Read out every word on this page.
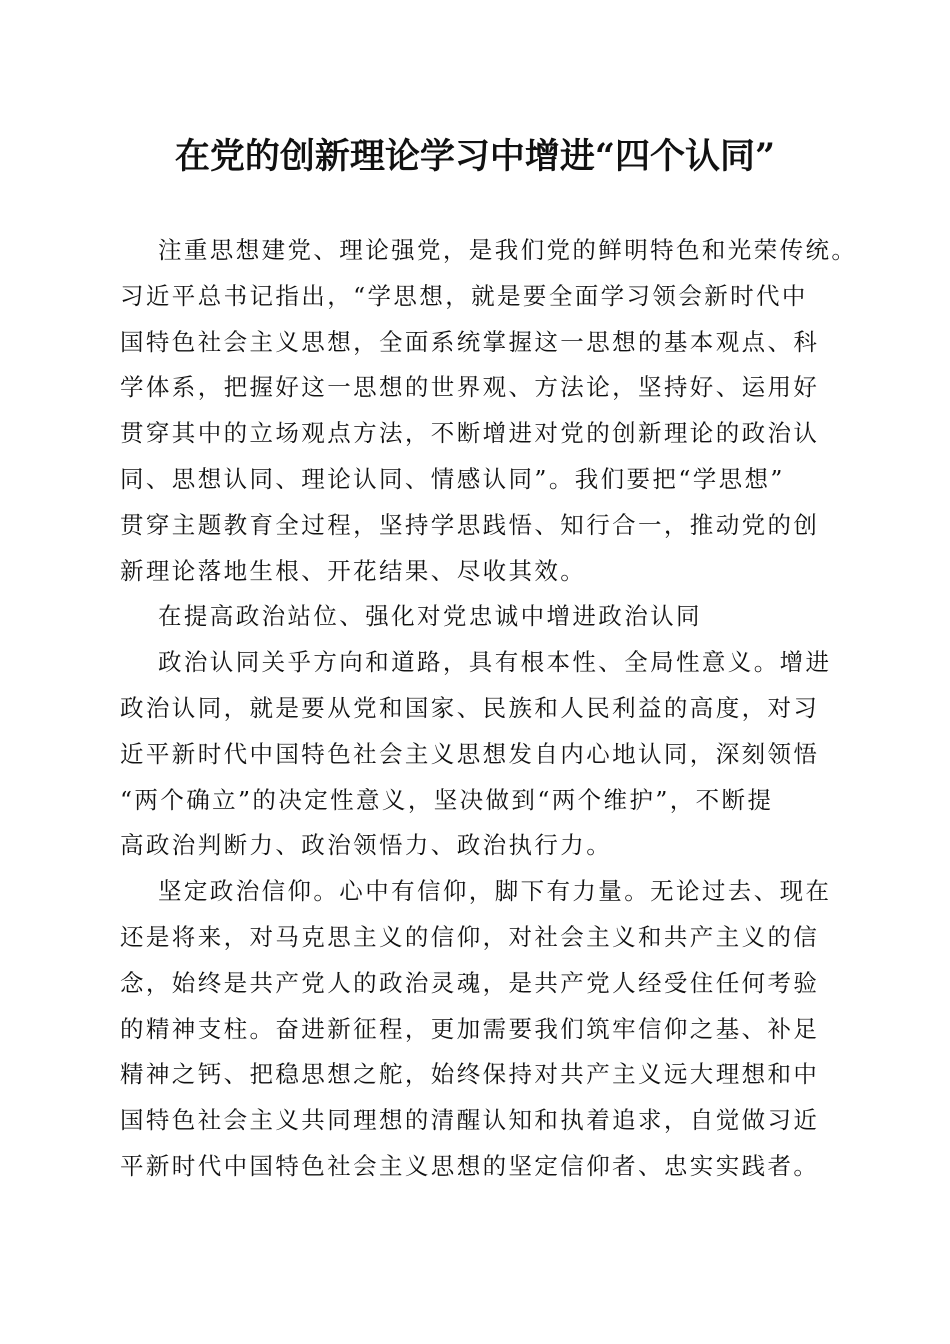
在党的创新理论学习中增进“四个认同”
注重思想建党、理论强党，是我们党的鲜明特色和光荣传统。
习近平总书记指出，“学思想，就是要全面学习领会新时代中
国特色社会主义思想，全面系统掌握这一思想的基本观点、科
学体系，把握好这一思想的世界观、方法论，坚持好、运用好
贯穿其中的立场观点方法，不断增进对党的创新理论的政治认
同、思想认同、理论认同、情感认同”。我们要把“学思想”
贯穿主题教育全过程，坚持学思践悟、知行合一，推动党的创
新理论落地生根、开花结果、尽收其效。
在提高政治站位、强化对党忠诚中增进政治认同
政治认同关乎方向和道路，具有根本性、全局性意义。增进
政治认同，就是要从党和国家、民族和人民利益的高度，对习
近平新时代中国特色社会主义思想发自内心地认同，深刻领悟
“两个确立”的决定性意义，坚决做到“两个维护”，不断提
高政治判断力、政治领悟力、政治执行力。
坚定政治信仰。心中有信仰，脚下有力量。无论过去、现在
还是将来，对马克思主义的信仰，对社会主义和共产主义的信
念，始终是共产党人的政治灵魂，是共产党人经受住任何考验
的精神支柱。奋进新征程，更加需要我们筑牢信仰之基、补足
精神之钙、把稳思想之舵，始终保持对共产主义远大理想和中
国特色社会主义共同理想的清醒认知和执着追求，自觉做习近
平新时代中国特色社会主义思想的坚定信仰者、忠实实践者。
